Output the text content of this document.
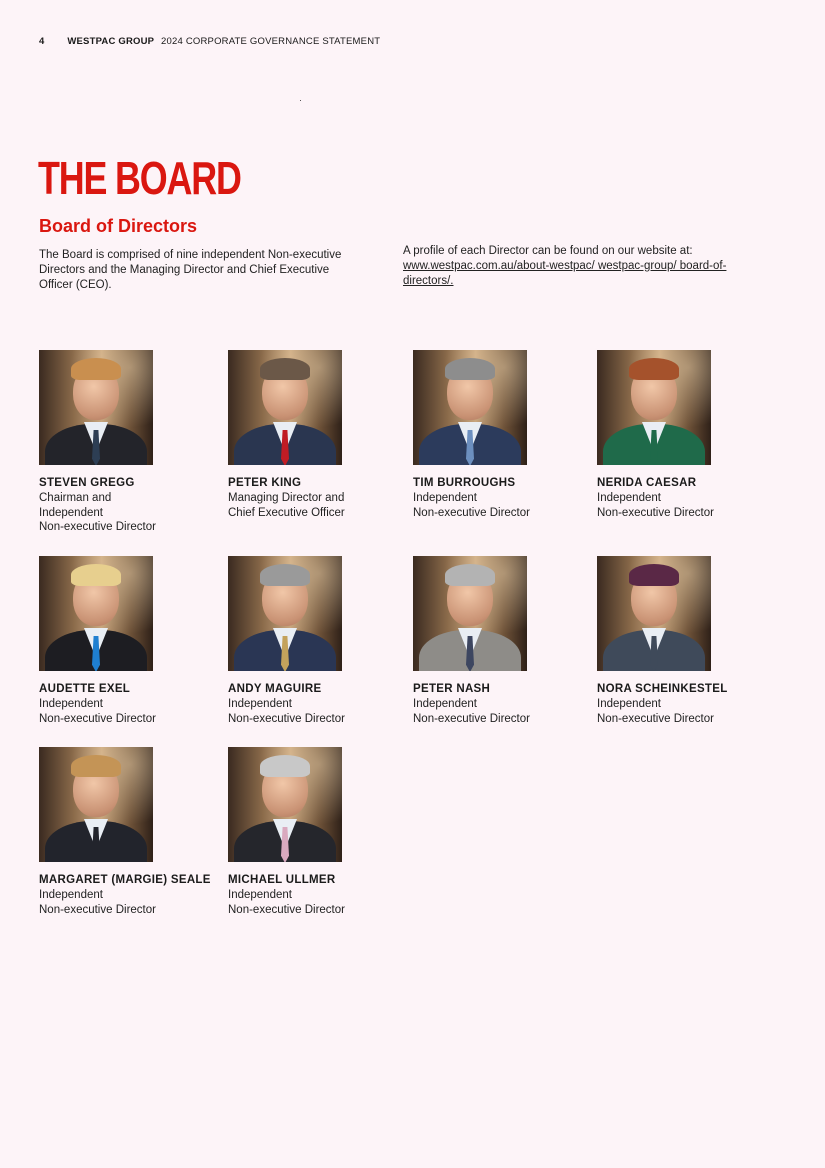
4 WESTPAC GROUP 2024 CORPORATE GOVERNANCE STATEMENT
THE BOARD
Board of Directors

The Board is comprised of nine independent Non-executive Directors and the Managing Director and Chief Executive Officer (CEO).

A profile of each Director can be found on our website at: www.westpac.com.au/about-westpac/ westpac-group/ board-of-directors/.

STEVEN GREGG
Chairman and
Independent
Non-executive Director
PETER KING
Managing Director and
Chief Executive Officer
TIM BURROUGHS
Independent
Non-executive Director
NERIDA CAESAR
Independent
Non-executive Director
AUDETTE EXEL
Independent
Non-executive Director
ANDY MAGUIRE
Independent
Non-executive Director
PETER NASH
Independent
Non-executive Director
NORA SCHEINKESTEL
Independent
Non-executive Director
MARGARET (MARGIE) SEALE
Independent
Non-executive Director
MICHAEL ULLMER
Independent
Non-executive Director
